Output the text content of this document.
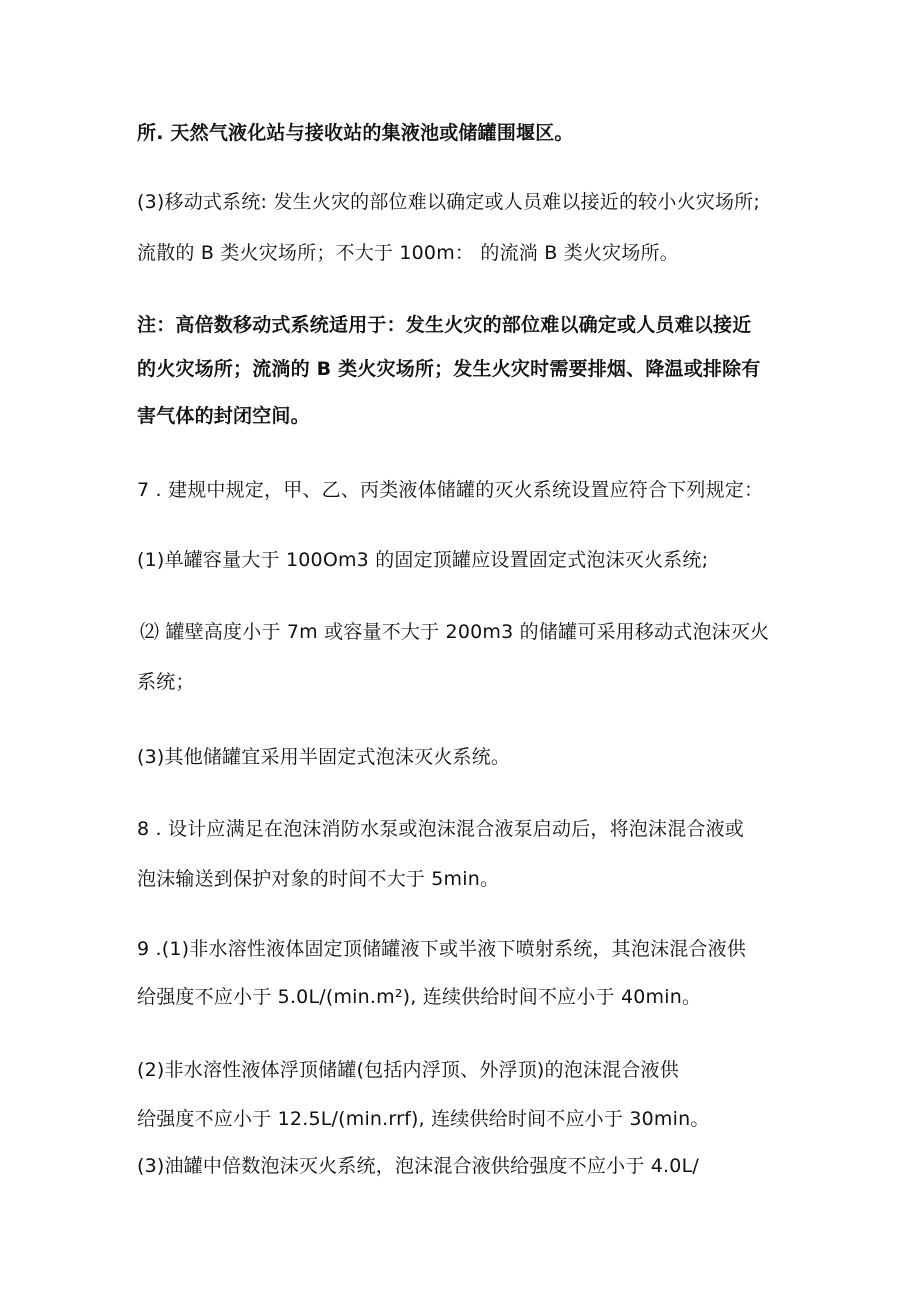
所. 天然气液化站与接收站的集液池或储罐围堰区。
(3)移动式系统: 发生火灾的部位难以确定或人员难以接近的较小火灾场所;
流散的 B 类火灾场所；不大于 100m： 的流淌 B 类火灾场所。
注：高倍数移动式系统适用于：发生火灾的部位难以确定或人员难以接近
的火灾场所；流淌的 B 类火灾场所；发生火灾时需要排烟、降温或排除有
害气体的封闭空间。
7 . 建规中规定，甲、乙、丙类液体储罐的灭火系统设置应符合下列规定：
(1)单罐容量大于 100Om3 的固定顶罐应设置固定式泡沫灭火系统;
⑵ 罐壁高度小于 7m 或容量不大于 200m3 的储罐可采用移动式泡沫灭火
系统；
(3)其他储罐宜采用半固定式泡沫灭火系统。
8 . 设计应满足在泡沫消防水泵或泡沫混合液泵启动后，将泡沫混合液或
泡沫输送到保护对象的时间不大于 5min。
9 .(1)非水溶性液体固定顶储罐液下或半液下喷射系统，其泡沫混合液供
给强度不应小于 5.0L∕(min.m²), 连续供给时间不应小于 40min。
(2)非水溶性液体浮顶储罐(包括内浮顶、外浮顶)的泡沫混合液供
给强度不应小于 12.5L∕(min.rrf), 连续供给时间不应小于 30min。
(3)油罐中倍数泡沫灭火系统，泡沫混合液供给强度不应小于 4.0L/
